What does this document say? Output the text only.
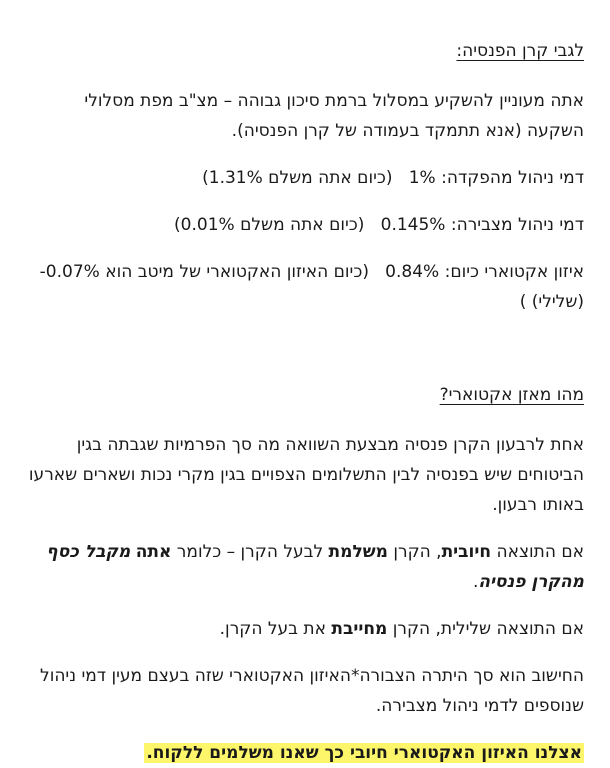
לגבי קרן הפנסיה:
אתה מעוניין להשקיע במסלול ברמת סיכון גבוהה – מצ"ב מפת מסלולי השקעה (אנא תתמקד בעמודה של קרן הפנסיה).
דמי ניהול מהפקדה: 1%   (כיום אתה משלם 1.31%)
דמי ניהול מצבירה: 0.145%   (כיום אתה משלם 0.01%)
איזון אקטוארי כיום: 0.84%   (כיום האיזון האקטוארי של מיטב הוא 0.07%- (שלילי) )
מהו מאזן אקטוארי?
אחת לרבעון הקרן פנסיה מבצעת השוואה מה סך הפרמיות שגבתה בגין הביטוחים שיש בפנסיה לבין התשלומים הצפויים בגין מקרי נכות ושארים שארעו באותו רבעון.
אם התוצאה חיובית, הקרן משלמת לבעל הקרן – כלומר אתה מקבל כסף מהקרן פנסיה.
אם התוצאה שלילית, הקרן מחייבת את בעל הקרן.
החישוב הוא סך היתרה הצבורה*האיזון האקטוארי שזה בעצם מעין דמי ניהול שנוספים לדמי ניהול מצבירה.
אצלנו האיזון האקטוארי חיובי כך שאנו משלמים ללקוח.
